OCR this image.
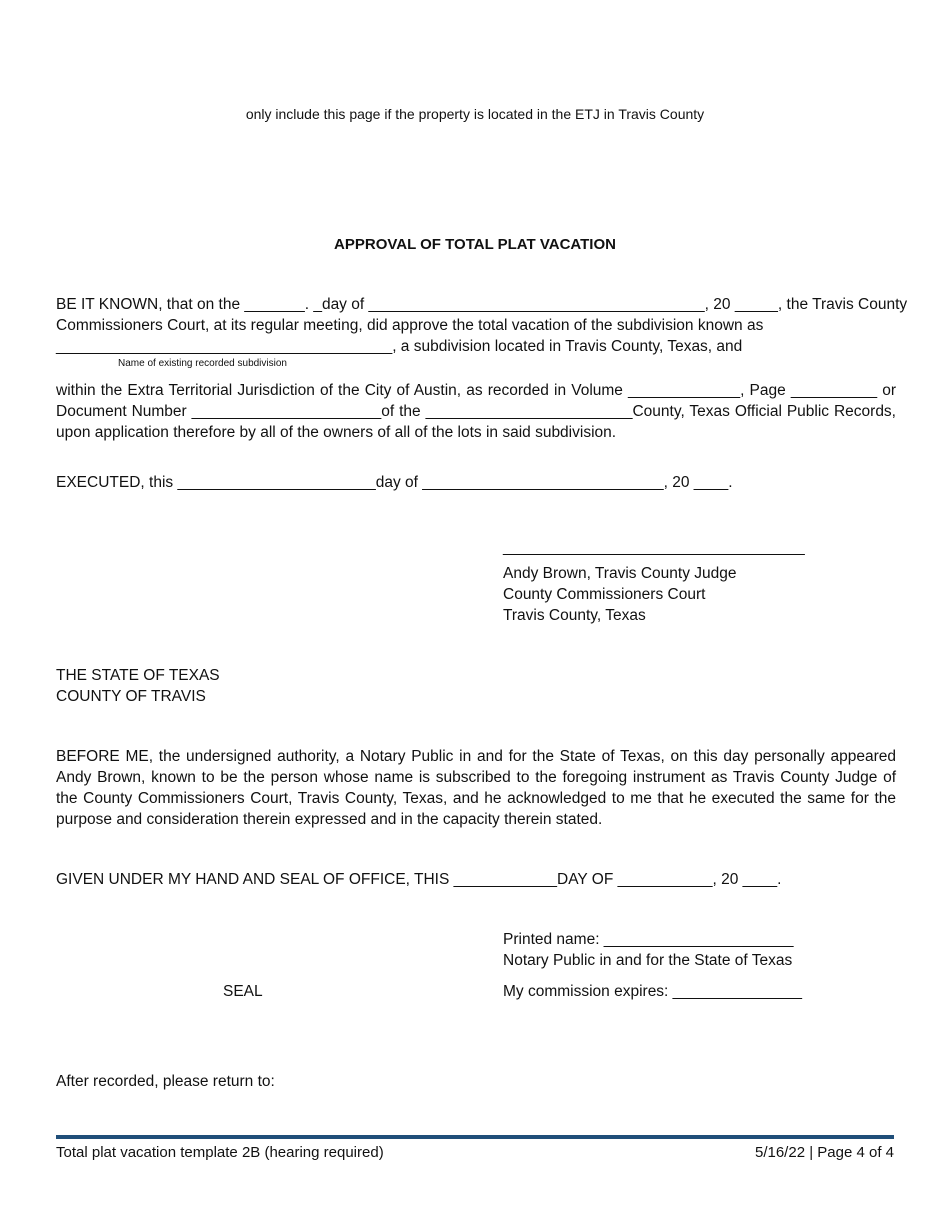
only include this page if the property is located in the ETJ in Travis County
APPROVAL OF TOTAL PLAT VACATION
BE IT KNOWN, that on the _______. _day of _______________________________________, 20 _____, the Travis County
Commissioners Court, at its regular meeting, did approve the total vacation of the subdivision known as
_______________________________________, a subdivision located in Travis County, Texas, and
Name of existing recorded subdivision
within the Extra Territorial Jurisdiction of the City of Austin, as recorded in Volume _____________, Page __________ or
Document Number ______________________of the ________________________County, Texas Official Public Records,
upon application therefore by all of the owners of all of the lots in said subdivision.
EXECUTED, this _______________________day of ____________________________, 20 ____.
___________________________________
Andy Brown, Travis County Judge
County Commissioners Court
Travis County, Texas
THE STATE OF TEXAS
COUNTY OF TRAVIS
BEFORE ME, the undersigned authority, a Notary Public in and for the State of Texas, on this day personally appeared
Andy Brown, known to be the person whose name is subscribed to the foregoing instrument as Travis County Judge of
the County Commissioners Court, Travis County, Texas, and he acknowledged to me that he executed the same for the
purpose and consideration therein expressed and in the capacity therein stated.
GIVEN UNDER MY HAND AND SEAL OF OFFICE, THIS ____________DAY OF ___________, 20 ____.
Printed name: ______________________
Notary Public in and for the State of Texas
My commission expires: _______________
SEAL
After recorded, please return to:
Total plat vacation template 2B (hearing required)	5/16/22 | Page 4 of 4
